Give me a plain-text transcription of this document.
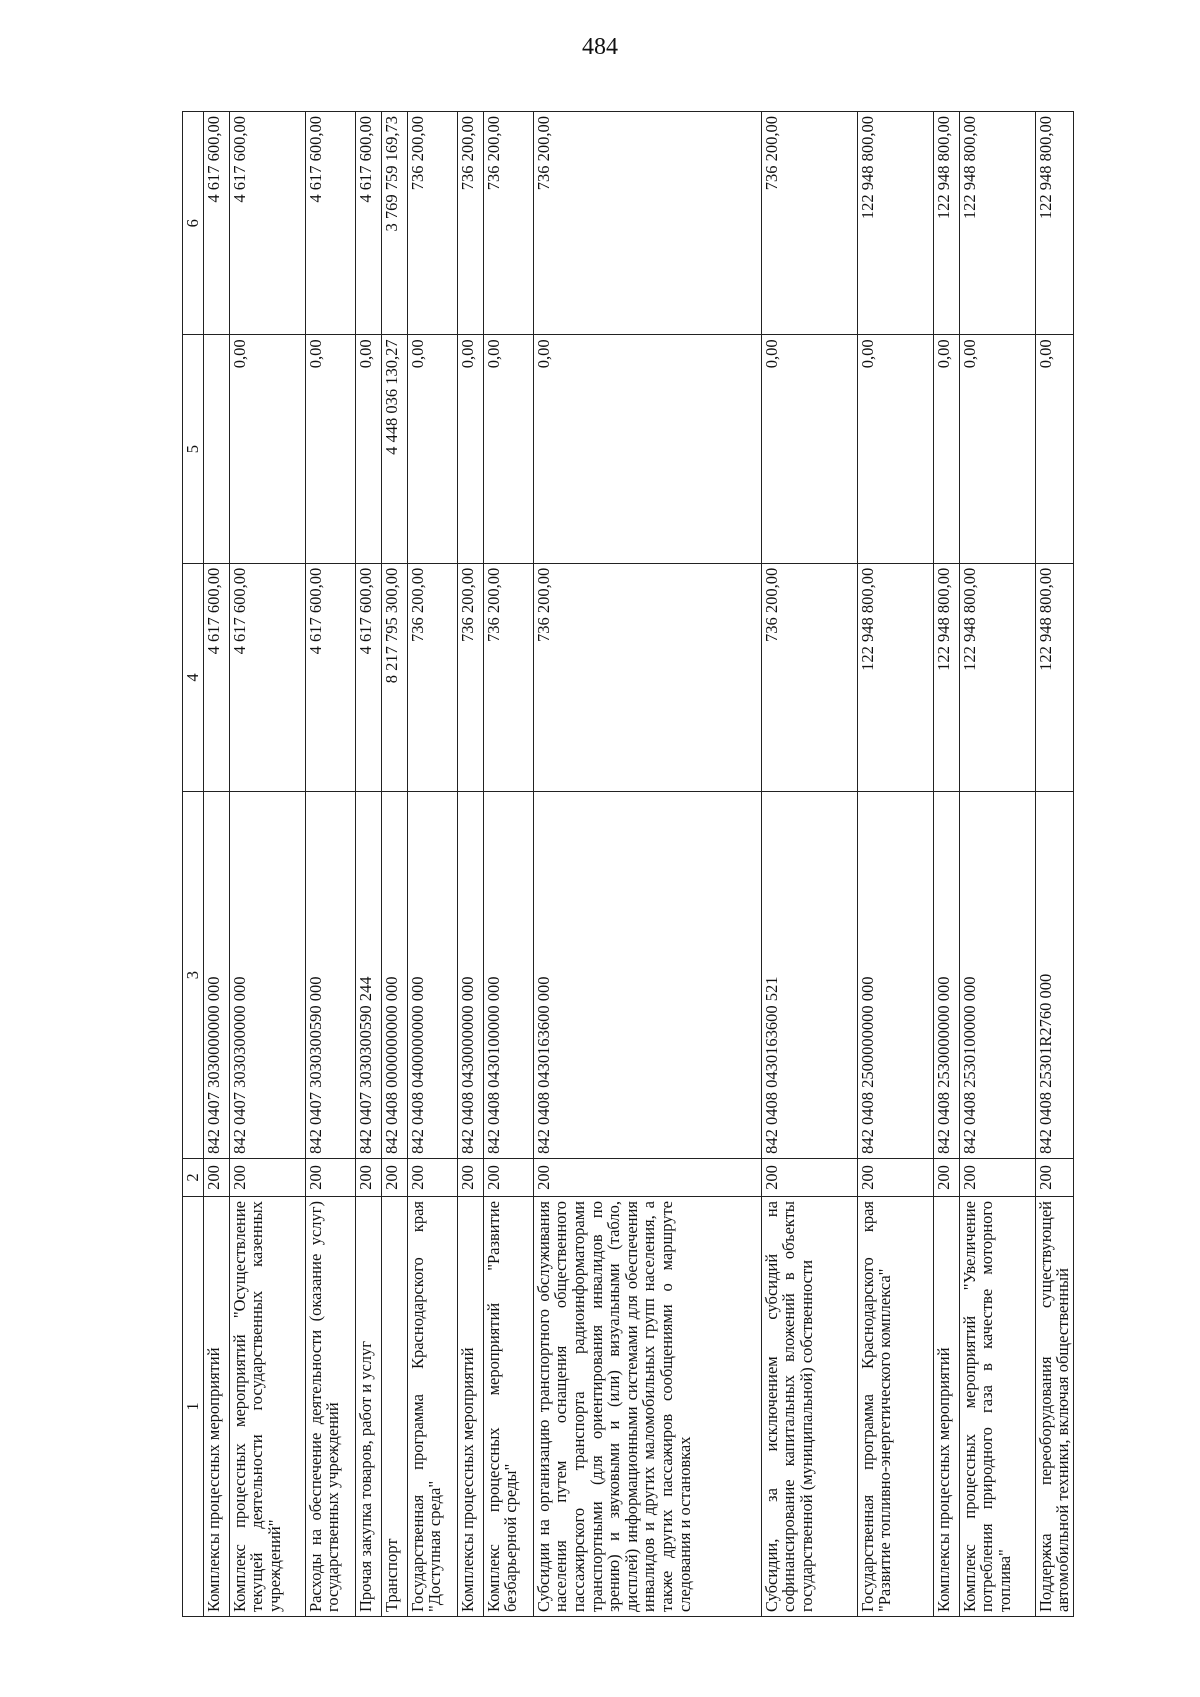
484
1	2	3	4	5	6
Комплексы процессных мероприятий	200	842 0407 3030000000 000	4 617 600,00		4 617 600,00
Комплекс процессных мероприятий "Осуществление текущей деятельности государственных казенных учреждений"	200	842 0407 3030300000 000	4 617 600,00	0,00	4 617 600,00
Расходы на обеспечение деятельности (оказание услуг) государственных учреждений	200	842 0407 3030300590 000	4 617 600,00	0,00	4 617 600,00
Прочая закупка товаров, работ и услуг	200	842 0407 3030300590 244	4 617 600,00	0,00	4 617 600,00
Транспорт	200	842 0408 0000000000 000	8 217 795 300,00	4 448 036 130,27	3 769 759 169,73
Государственная программа Краснодарского края "Доступная среда"	200	842 0408 0400000000 000	736 200,00	0,00	736 200,00
Комплексы процессных мероприятий	200	842 0408 0430000000 000	736 200,00	0,00	736 200,00
Комплекс процессных мероприятий "Развитие безбарьерной среды"	200	842 0408 0430100000 000	736 200,00	0,00	736 200,00
Субсидии на организацию транспортного обслуживания населения путем оснащения общественного пассажирского транспорта радиоинформаторами транспортными (для ориентирования инвалидов по зрению) и звуковыми и (или) визуальными (табло, дисплей) информационными системами для обеспечения инвалидов и других маломобильных групп населения, а также других пассажиров сообщениями о маршруте следования и остановках	200	842 0408 0430163600 000	736 200,00	0,00	736 200,00
Субсидии, за исключением субсидий на софинансирование капитальных вложений в объекты государственной (муниципальной) собственности	200	842 0408 0430163600 521	736 200,00	0,00	736 200,00
Государственная программа Краснодарского края "Развитие топливно-энергетического комплекса"	200	842 0408 2500000000 000	122 948 800,00	0,00	122 948 800,00
Комплексы процессных мероприятий	200	842 0408 2530000000 000	122 948 800,00	0,00	122 948 800,00
Комплекс процессных мероприятий "Увеличение потребления природного газа в качестве моторного топлива"	200	842 0408 2530100000 000	122 948 800,00	0,00	122 948 800,00
Поддержка переоборудования существующей автомобильной техники, включая общественный	200	842 0408 25301R2760 000	122 948 800,00	0,00	122 948 800,00
